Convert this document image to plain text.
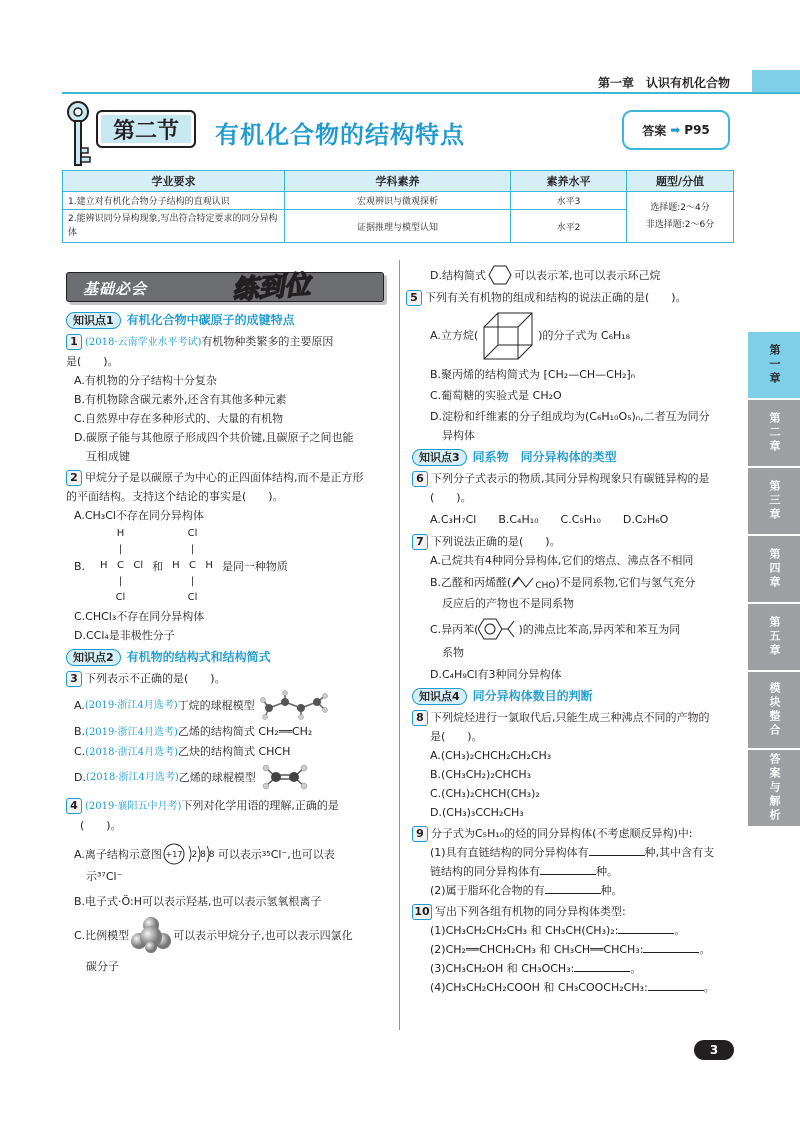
第一章　认识有机化合物
第二节	有机化合物的结构特点	答案 ➡ P95
学业要求	学科素养	素养水平	题型/分值
1.建立对有机化合物分子结构的直观认识	宏观辨识与微观探析	水平3	选择题:2～4分
非选择题:2～6分

2.能辨识同分异构现象,写出符合特定要求的同分异构体	证据推理与模型认知	水平2	
基础必会	练到位
知识点1	有机化合物中碳原子的成键特点

1 (2018·云南学业水平考试)有机物种类繁多的主要原因

是(　　)。

A.有机物的分子结构十分复杂

B.有机物除含碳元素外,还含有其他多种元素

C.自然界中存在多种形式的、大量的有机物

D.碳原子能与其他原子形成四个共价键,且碳原子之间也能

互相成键

2 甲烷分子是以碳原子为中心的正四面体结构,而不是正方形

的平面结构。支持这个结论的事实是(　　)。

A.CH₃Cl不存在同分异构体

B.
	H	
	|	
H	C	Cl
	|	
	Cl	
和
	Cl	
	|	
H	C	H
	|	
	Cl	
是同一种物质

C.CHCl₃不存在同分异构体

D.CCl₄是非极性分子

知识点2	有机物的结构式和结构简式

3 下列表示不正确的是(　　)。

A. (2019·浙江4月选考) 丁烷的球棍模型

B.(2019·浙江4月选考)乙烯的结构简式 CH₂══CH₂

C.(2018·浙江4月选考)乙炔的结构简式 CHCH

D. (2018·浙江4月选考) 乙烯的球棍模型

4 (2019·襄阳五中月考)下列对化学用语的理解,正确的是

(　　)。

A.离子结构示意图 +17 2 8 8 可以表示 35 Cl⁻,也可以表

示³⁷Cl⁻

B.电子式·Ö:H可以表示羟基,也可以表示氢氧根离子

C.比例模型	可以表示甲烷分子,也可以表示四氯化

碳分子

D.结构简式	可以表示苯,也可以表示环己烷

5 下列有关有机物的组成和结构的说法正确的是(　　)。

A.立方烷(	)的分子式为 C₆H₁₈

B.聚丙烯的结构简式为 ⁅CH₂—CH—CH₂⁆ₙ

C.葡萄糖的实验式是 CH₂O

D.淀粉和纤维素的分子组成均为(C₆H₁₀O₅)ₙ,二者互为同分

异构体

知识点3	同系物　同分异构体的类型

6 下列分子式表示的物质,其同分异构现象只有碳链异构的是

(　　)。

A.C₃H₇Cl　　B.C₄H₁₀　　C.C₅H₁₀　　D.C₂H₆O

7 下列说法正确的是(　　)。

A.己烷共有4种同分异构体,它们的熔点、沸点各不相同

B.乙醛和丙烯醛(	CHO )不是同系物,它们与氢气充分

反应后的产物也不是同系物

C.异丙苯(	)的沸点比苯高,异丙苯和苯互为同

系物

D.C₄H₉Cl有3种同分异构体

知识点4	同分异构体数目的判断

8 下列烷烃进行一氯取代后,只能生成三种沸点不同的产物的

是(　　)。

A.(CH₃)₂CHCH₂CH₂CH₃

B.(CH₃CH₂)₂CHCH₃

C.(CH₃)₂CHCH(CH₃)₂

D.(CH₃)₃CCH₂CH₃

9 分子式为C₅H₁₀的烃的同分异构体(不考虑顺反异构)中:

(1)具有直链结构的同分异构体有	种,其中含有支

链结构的同分异构体有	种。

(2)属于脂环化合物的有	种。

10 写出下列各组有机物的同分异构体类型:

(1)CH₃CH₂CH₂CH₃ 和 CH₃CH(CH₃)₂:	。

(2)CH₂══CHCH₂CH₃ 和 CH₃CH══CHCH₃:	。

(3)CH₃CH₂OH 和 CH₃OCH₃:	。

(4)CH₃CH₂CH₂COOH 和 CH₃COOCH₂CH₃:	。

第一章
第二章
第三章
第四章
第五章
模块整合
答案与解析
3
